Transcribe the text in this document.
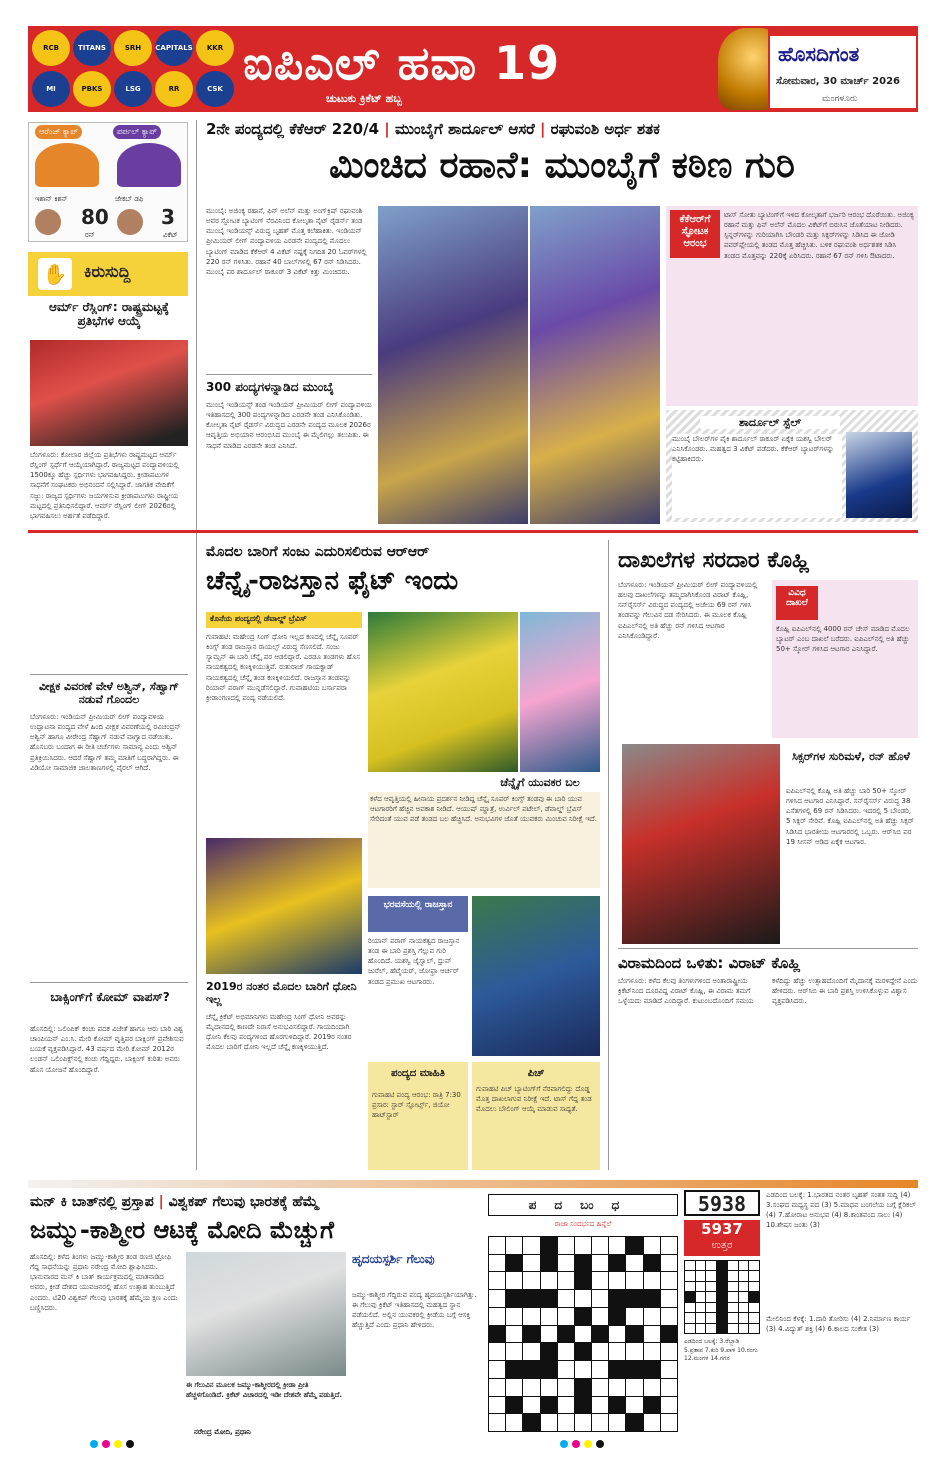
RCB	TITANS	SRH	CAPITALS	KKR
MI	PBKS	LSG	RR	CSK ಐಪಿಎಲ್ ಹವಾ 19
ಚುಟುಕು ಕ್ರಿಕೆಟ್ ಹಬ್ಬ
ಹೊಸದಿಗಂತ
ಸೋಮವಾರ, 30 ಮಾರ್ಚ್ 2026
ಮಂಗಳೂರು
ಆರೆಂಜ್ ಕ್ಯಾಪ್
ಇಶಾನ್ ಕಿಶನ್
80
ರನ್
ಪರ್ಪಲ್ ಕ್ಯಾಪ್
ಜೇಕಬ್ ಡಫಿ
3
ವಿಕೆಟ್
✋ ಕಿರುಸುದ್ದಿ
ಆರ್ಮ್ ರೆಸ್ಲಿಂಗ್: ರಾಷ್ಟ್ರಮಟ್ಟಕ್ಕೆ ಪ್ರತಿಭೆಗಳ ಆಯ್ಕೆ
ಬೆಂಗಳೂರು: ಕೋಲಾರ ಜಿಲ್ಲೆಯ ಪ್ರತಿಭೆಗಳು ರಾಷ್ಟ್ರಮಟ್ಟದ ಆರ್ಮ್ ರೆಸ್ಲಿಂಗ್ ಸ್ಪರ್ಧೆಗೆ ಆಯ್ಕೆಯಾಗಿದ್ದಾರೆ. ರಾಜ್ಯಮಟ್ಟದ ಪಂದ್ಯಾವಳಿಯಲ್ಲಿ 1500ಕ್ಕೂ ಹೆಚ್ಚು ಸ್ಪರ್ಧಿಗಳು ಭಾಗವಹಿಸಿದ್ದರು. ಕ್ರೀಡಾಪಟುಗಳ ಸಾಧನೆಗೆ ಸಂಘಟಕರು ಅಭಿನಂದನೆ ಸಲ್ಲಿಸಿದ್ದಾರೆ. ಜಾಗತಿಕ ವೇದಿಕೆಗೆ ಸಜ್ಜು: ರಾಜ್ಯದ ಸ್ಪರ್ಧಿಗಳು ಜಯಗಳಿಸುವ ಕ್ರೀಡಾಪಟುಗಳು ರಾಷ್ಟ್ರೀಯ ಮಟ್ಟದಲ್ಲಿ ಪ್ರತಿನಿಧಿಸಲಿದ್ದಾರೆ. ಆರ್ಮ್ ರೆಸ್ಲಿಂಗ್ ಲೀಗ್ 2026ರಲ್ಲಿ ಭಾಗವಹಿಸಲು ಅರ್ಹತೆ ಪಡೆದಿದ್ದಾರೆ.
ವೀಕ್ಷಕ ವಿವರಣೆ ವೇಳೆ ಅಶ್ವಿನ್, ಸೆಹ್ವಾಗ್ ನಡುವೆ ಗೊಂದಲ
ಬೆಂಗಳೂರು: ಇಂಡಿಯನ್ ಪ್ರೀಮಿಯರ್ ಲೀಗ್ ಪಂದ್ಯಾವಳಿಯ ಉದ್ಘಾಟನಾ ಪಂದ್ಯದ ವೇಳೆ ಹಿಂದಿ ವೀಕ್ಷಕ ವಿವರಣೆಯಲ್ಲಿ ರವಿಚಂದ್ರನ್ ಅಶ್ವಿನ್ ಹಾಗೂ ವೀರೇಂದ್ರ ಸೆಹ್ವಾಗ್ ನಡುವೆ ವಾಗ್ವಾದ ನಡೆಯಿತು. ಹೊಸಬರು ಬಂದಾಗ ಈ ರೀತಿ ಚರ್ಚೆಗಳು ಸಾಮಾನ್ಯ ಎಂದು ಅಶ್ವಿನ್ ಪ್ರತಿಕ್ರಿಯಿಸಿದರು. ಆದರೆ ಸೆಹ್ವಾಗ್ ತಮ್ಮ ಮಾತಿಗೆ ಬದ್ಧರಾಗಿದ್ದರು. ಈ ವಿಡಿಯೋ ಸಾಮಾಜಿಕ ಜಾಲತಾಣಗಳಲ್ಲಿ ವೈರಲ್ ಆಗಿದೆ.
ಬಾಕ್ಸಿಂಗ್‌ಗೆ ಕೋಮ್ ವಾಪಸ್?
ಹೊಸದಿಲ್ಲಿ: ಒಲಿಂಪಿಕ್ ಕಂಚು ಪದಕ ವಿಜೇತೆ ಹಾಗೂ ಆರು ಬಾರಿ ವಿಶ್ವ ಚಾಂಪಿಯನ್ ಎಂ.ಸಿ. ಮೇರಿ ಕೋಮ್ ವೃತ್ತಿಪರ ಬಾಕ್ಸಿಂಗ್ ಪ್ರವೇಶಿಸುವ ಬಯಕೆ ವ್ಯಕ್ತಪಡಿಸಿದ್ದಾರೆ. 43 ವರ್ಷದ ಮೇರಿ ಕೋಮ್ 2012ರ ಲಂಡನ್ ಒಲಿಂಪಿಕ್ಸ್‌ನಲ್ಲಿ ಕಂಚು ಗೆದ್ದಿದ್ದರು. ಬಾಕ್ಸಿಂಗ್ ಕುರಿತು ಅವರು ಹೊಸ ಯೋಜನೆ ಹೊಂದಿದ್ದಾರೆ.
2ನೇ ಪಂದ್ಯದಲ್ಲಿ ಕೆಕೆಆರ್ 220/4 | ಮುಂಬೈಗೆ ಶಾರ್ದೂಲ್ ಆಸರೆ | ರಘುವಂಶಿ ಅರ್ಧ ಶತಕ
ಮಿಂಚಿದ ರಹಾನೆ: ಮುಂಬೈಗೆ ಕಠಿಣ ಗುರಿ
ಮುಂಬೈ: ಅಜಿಂಕ್ಯ ರಹಾನೆ, ಫಿನ್ ಅಲೆನ್ ಮತ್ತು ಅಂಗ್‌ಕ್ರಿಷ್ ರಘುವಂಶಿ ಅವರ ಸ್ಫೋಟಕ ಬ್ಯಾಟಿಂಗ್ ನೆರವಿನಿಂದ ಕೋಲ್ಕತಾ ನೈಟ್ ರೈಡರ್ಸ್ ತಂಡ ಮುಂಬೈ ಇಂಡಿಯನ್ಸ್ ವಿರುದ್ಧ ಬೃಹತ್ ಮೊತ್ತ ಕಲೆಹಾಕಿತು. ಇಂಡಿಯನ್ ಪ್ರೀಮಿಯರ್ ಲೀಗ್ ಪಂದ್ಯಾವಳಿಯ ಎರಡನೇ ಪಂದ್ಯದಲ್ಲಿ ಮೊದಲು ಬ್ಯಾಟಿಂಗ್ ಮಾಡಿದ ಕೆಕೆಆರ್ 4 ವಿಕೆಟ್ ನಷ್ಟಕ್ಕೆ ನಿಗದಿತ 20 ಓವರ್‌ಗಳಲ್ಲಿ 220 ರನ್ ಗಳಿಸಿತು. ರಹಾನೆ 40 ಬಾಲ್‌ಗಳಲ್ಲಿ 67 ರನ್ ಸಿಡಿಸಿದರು. ಮುಂಬೈ ಪರ ಶಾರ್ದೂಲ್ ಠಾಕೂರ್ 3 ವಿಕೆಟ್ ಕಿತ್ತು ಮಿಂಚಿದರು.
300 ಪಂದ್ಯಗಳನ್ನಾಡಿದ ಮುಂಬೈ
ಮುಂಬೈ ಇಂಡಿಯನ್ಸ್ ತಂಡ ಇಂಡಿಯನ್ ಪ್ರೀಮಿಯರ್ ಲೀಗ್ ಪಂದ್ಯಾವಳಿಯ ಇತಿಹಾಸದಲ್ಲಿ 300 ಪಂದ್ಯಗಳನ್ನಾಡಿದ ಎರಡನೇ ತಂಡ ಎನಿಸಿಕೊಂಡಿತು. ಕೋಲ್ಕತಾ ನೈಟ್ ರೈಡರ್ಸ್ ವಿರುದ್ಧದ ಎರಡನೇ ಪಂದ್ಯದ ಮೂಲಕ 2026ರ ಆವೃತ್ತಿಯ ಅಭಿಯಾನ ಆರಂಭಿಸಿದ ಮುಂಬೈ ಈ ಮೈಲಿಗಲ್ಲು ತಲುಪಿತು. ಈ ಸಾಧನೆ ಮಾಡಿದ ಎರಡನೇ ತಂಡ ಎನಿಸಿದೆ.
ಕೆಕೆಆರ್‌ಗೆ ಸ್ಫೋಟಕ ಆರಂಭ
ಟಾಸ್ ಸೋತು ಬ್ಯಾಟಿಂಗ್‌ಗೆ ಇಳಿದ ಕೋಲ್ಕತಾಗೆ ಭರ್ಜರಿ ಆರಂಭ ದೊರೆಯಿತು. ಅಜಿಂಕ್ಯ ರಹಾನೆ ಮತ್ತು ಫಿನ್ ಅಲೆನ್ ಮೊದಲ ವಿಕೆಟ್‌ಗೆ ಬಿರುಸಿನ ಜೊತೆಯಾಟ ನೀಡಿದರು. ಸ್ಪಿನ್ನರ್‌ಗಳನ್ನು ಗುರಿಯಾಗಿಸಿ ಬೌಂಡರಿ ಮತ್ತು ಸಿಕ್ಸರ್‌ಗಳನ್ನು ಸಿಡಿಸಿದ ಈ ಜೋಡಿ ಪವರ್‌ಪ್ಲೇಯಲ್ಲಿ ತಂಡದ ಮೊತ್ತ ಹೆಚ್ಚಿಸಿತು. ಬಳಿಕ ರಘುವಂಶಿ ಅರ್ಧಶತಕ ಸಿಡಿಸಿ ತಂಡದ ಮೊತ್ತವನ್ನು 220ಕ್ಕೆ ಏರಿಸಿದರು. ರಹಾನೆ 67 ರನ್ ಗಳಿಸಿ ಔಟಾದರು.
ಶಾರ್ದೂಲ್ ಸ್ಪೆಲ್
ಮುಂಬೈ ಬೌಲರ್‌ಗಳ ಪೈಕಿ ಶಾರ್ದೂಲ್ ಠಾಕೂರ್ ಏಕೈಕ ಯಶಸ್ವಿ ಬೌಲರ್ ಎನಿಸಿಕೊಂಡರು. ಮಹತ್ವದ 3 ವಿಕೆಟ್ ಪಡೆದರು. ಕೆಕೆಆರ್ ಬ್ಯಾಟರ್‌ಗಳನ್ನು ಕಟ್ಟಿಹಾಕಿದರು.
ಮೊದಲ ಬಾರಿಗೆ ಸಂಜು ಎದುರಿಸಲಿರುವ ಆರ್‌ಆರ್
ಚೆನ್ನೈ-ರಾಜಸ್ತಾನ ಫೈಟ್ ಇಂದು
ಕೊನೆಯ ಪಂದ್ಯದಲ್ಲಿ ಡೆವಾಲ್ಡ್ ಬ್ರೆವಿಸ್
ಗುವಾಹಟಿ: ಮಹೇಂದ್ರ ಸಿಂಗ್ ಧೋನಿ ಇಲ್ಲದ ಕಣದಲ್ಲಿ ಚೆನ್ನೈ ಸೂಪರ್ ಕಿಂಗ್ಸ್ ತಂಡ ರಾಜಸ್ತಾನ ರಾಯಲ್ಸ್ ವಿರುದ್ಧ ಸೆಣಸಲಿದೆ. ಸಂಜು ಸ್ಯಾಮ್ಸನ್ ಈ ಬಾರಿ ಚೆನ್ನೈ ಪರ ಆಡಲಿದ್ದಾರೆ. ಎರಡೂ ತಂಡಗಳು ಹೊಸ ನಾಯಕತ್ವದಲ್ಲಿ ಕಣಕ್ಕಿಳಿಯುತ್ತಿವೆ. ರುತುರಾಜ್ ಗಾಯಕ್ವಾಡ್ ನಾಯಕತ್ವದಲ್ಲಿ ಚೆನ್ನೈ ತಂಡ ಕಣಕ್ಕಿಳಿಯಲಿದೆ. ರಾಜಸ್ತಾನ ತಂಡವನ್ನು ರಿಯಾನ್ ಪರಾಗ್ ಮುನ್ನಡೆಸಲಿದ್ದಾರೆ. ಗುವಾಹಟಿಯ ಬರ್ಸಾಪರಾ ಕ್ರೀಡಾಂಗಣದಲ್ಲಿ ಪಂದ್ಯ ನಡೆಯಲಿದೆ.
2019ರ ನಂತರ ಮೊದಲ ಬಾರಿಗೆ ಧೋನಿ ಇಲ್ಲ
ಚೆನ್ನೈ ಕ್ರಿಕೆಟ್ ಅಭಿಮಾನಿಗಳು ಮಹೇಂದ್ರ ಸಿಂಗ್ ಧೋನಿ ಅವರನ್ನು ಮೈದಾನದಲ್ಲಿ ಕಾಣದೇ ನಿರಾಸೆ ಅನುಭವಿಸಲಿದ್ದಾರೆ. ಗಾಯದಿಂದಾಗಿ ಧೋನಿ ಕೆಲವು ಪಂದ್ಯಗಳಿಂದ ಹೊರಗುಳಿದಿದ್ದಾರೆ. 2019ರ ನಂತರ ಮೊದಲ ಬಾರಿಗೆ ಧೋನಿ ಇಲ್ಲದೆ ಚೆನ್ನೈ ಕಣಕ್ಕಿಳಿಯುತ್ತಿದೆ.
ಚೆನ್ನೈಗೆ ಯುವಕರ ಬಲ
ಕಳೆದ ಆವೃತ್ತಿಯಲ್ಲಿ ಹೀನಾಯ ಪ್ರದರ್ಶನ ನೀಡಿದ್ದ ಚೆನ್ನೈ ಸೂಪರ್ ಕಿಂಗ್ಸ್ ತಂಡವು ಈ ಬಾರಿ ಯುವ ಆಟಗಾರರಿಗೆ ಹೆಚ್ಚಿನ ಅವಕಾಶ ನೀಡಿದೆ. ಆಯುಷ್ ಮ್ಹಾತ್ರೆ, ಉರ್ವಿಲ್ ಪಟೇಲ್, ಡೆವಾಲ್ಡ್ ಬ್ರೆವಿಸ್ ಸೇರಿದಂತೆ ಯುವ ಪಡೆ ತಂಡದ ಬಲ ಹೆಚ್ಚಿಸಿದೆ. ಅನುಭವಿಗಳ ಜೊತೆ ಯುವಕರು ಮಿಂಚುವ ನಿರೀಕ್ಷೆ ಇದೆ.
ಭರವಸೆಯಲ್ಲಿ ರಾಜಸ್ತಾನ
ರಿಯಾನ್ ಪರಾಗ್ ನಾಯಕತ್ವದ ರಾಜಸ್ತಾನ ತಂಡ ಈ ಬಾರಿ ಪ್ರಶಸ್ತಿ ಗೆಲ್ಲುವ ಗುರಿ ಹೊಂದಿದೆ. ಯಶಸ್ವಿ ಜೈಸ್ವಾಲ್, ಧ್ರುವ್ ಜುರೆಲ್, ಹೆಟ್ಮೆಯರ್, ಜೋಫ್ರಾ ಆರ್ಚರ್ ತಂಡದ ಪ್ರಮುಖ ಆಟಗಾರರು.
ಪಂದ್ಯದ ಮಾಹಿತಿ
ಗುವಾಹಟಿ ಪಂದ್ಯ ಆರಂಭ: ರಾತ್ರಿ 7:30 ಪ್ರಸಾರ: ಸ್ಟಾರ್ ಸ್ಪೋರ್ಟ್ಸ್, ಜಿಯೋ ಹಾಟ್‌ಸ್ಟಾರ್
ಪಿಚ್
ಗುವಾಹಟಿ ಪಿಚ್ ಬ್ಯಾಟಿಂಗ್‌ಗೆ ನೆರವಾಗಲಿದ್ದು ದೊಡ್ಡ ಮೊತ್ತ ದಾಖಲಾಗುವ ನಿರೀಕ್ಷೆ ಇದೆ. ಟಾಸ್ ಗೆದ್ದ ತಂಡ ಮೊದಲು ಬೌಲಿಂಗ್ ಆಯ್ಕೆ ಮಾಡುವ ಸಾಧ್ಯತೆ.
ದಾಖಲೆಗಳ ಸರದಾರ ಕೊಹ್ಲಿ
ಬೆಂಗಳೂರು: ಇಂಡಿಯನ್ ಪ್ರೀಮಿಯರ್ ಲೀಗ್ ಪಂದ್ಯಾವಳಿಯಲ್ಲಿ ಹಲವು ದಾಖಲೆಗಳನ್ನು ತಮ್ಮದಾಗಿಸಿಕೊಂಡ ವಿರಾಟ್ ಕೊಹ್ಲಿ, ಸನ್‌ರೈಸರ್ಸ್ ವಿರುದ್ಧದ ಪಂದ್ಯದಲ್ಲಿ ಅಜೇಯ 69 ರನ್ ಗಳಿಸಿ ತಂಡವನ್ನು ಗೆಲುವಿನ ದಡ ಸೇರಿಸಿದರು. ಈ ಮೂಲಕ ಕೊಹ್ಲಿ ಐಪಿಎಲ್‌ನಲ್ಲಿ ಅತಿ ಹೆಚ್ಚು ರನ್ ಗಳಿಸಿದ ಆಟಗಾರ ಎನಿಸಿಕೊಂಡಿದ್ದಾರೆ.
ವಿವಿಧ ದಾಖಲೆ
ಕೊಹ್ಲಿ ಐಪಿಎಲ್‌ನಲ್ಲಿ 4000 ರನ್ ಚೇಸ್ ಮಾಡಿದ ಮೊದಲ ಬ್ಯಾಟರ್ ಎಂಬ ದಾಖಲೆ ಬರೆದರು. ಐಪಿಎಲ್‌ನಲ್ಲಿ ಅತಿ ಹೆಚ್ಚು 50+ ಸ್ಕೋರ್ ಗಳಿಸಿದ ಆಟಗಾರ ಎನಿಸಿದ್ದಾರೆ.
ಸಿಕ್ಸರ್‌ಗಳ ಸುರಿಮಳೆ, ರನ್ ಹೊಳೆ
ಐಪಿಎಲ್‌ನಲ್ಲಿ ಕೊಹ್ಲಿ ಅತಿ ಹೆಚ್ಚು ಬಾರಿ 50+ ಸ್ಕೋರ್ ಗಳಿಸಿದ ಆಟಗಾರ ಎನಿಸಿದ್ದಾರೆ. ಸನ್‌ರೈಸರ್ಸ್ ವಿರುದ್ಧ 38 ಎಸೆತಗಳಲ್ಲಿ 69 ರನ್ ಸಿಡಿಸಿದರು. ಇದರಲ್ಲಿ 5 ಬೌಂಡರಿ, 5 ಸಿಕ್ಸರ್ ಸೇರಿವೆ. ಕೊಹ್ಲಿ ಐಪಿಎಲ್‌ನಲ್ಲಿ ಅತಿ ಹೆಚ್ಚು ಸಿಕ್ಸರ್ ಸಿಡಿಸಿದ ಭಾರತೀಯ ಆಟಗಾರರಲ್ಲಿ ಒಬ್ಬರು. ಆರ್‌ಸಿಬಿ ಪರ 19 ಸೀಸನ್ ಆಡಿದ ಏಕೈಕ ಆಟಗಾರ.
ವಿರಾಮದಿಂದ ಒಳಿತು: ವಿರಾಟ್ ಕೊಹ್ಲಿ
ಬೆಂಗಳೂರು: ಕಳೆದ ಕೆಲವು ತಿಂಗಳುಗಳಿಂದ ಅಂತಾರಾಷ್ಟ್ರೀಯ ಕ್ರಿಕೆಟ್‌ನಿಂದ ದೂರವಿದ್ದ ವಿರಾಟ್ ಕೊಹ್ಲಿ, ಈ ವಿರಾಮ ತಮಗೆ ಒಳ್ಳೆಯದು ಮಾಡಿದೆ ಎಂದಿದ್ದಾರೆ. ಕುಟುಂಬದೊಂದಿಗೆ ಸಮಯ ಕಳೆದಿದ್ದು ಹೆಚ್ಚು ಉತ್ಸಾಹದೊಂದಿಗೆ ಮೈದಾನಕ್ಕೆ ಮರಳಿದ್ದೇನೆ ಎಂದು ಹೇಳಿದರು. ಆರ್‌ಸಿಬಿ ಈ ಬಾರಿ ಪ್ರಶಸ್ತಿ ಉಳಿಸಿಕೊಳ್ಳುವ ವಿಶ್ವಾಸ ವ್ಯಕ್ತಪಡಿಸಿದರು.
ಮನ್ ಕಿ ಬಾತ್‌ನಲ್ಲಿ ಪ್ರಸ್ತಾಪ | ವಿಶ್ವಕಪ್ ಗೆಲುವು ಭಾರತಕ್ಕೆ ಹೆಮ್ಮೆ
ಜಮ್ಮು-ಕಾಶ್ಮೀರ ಆಟಕ್ಕೆ ಮೋದಿ ಮೆಚ್ಚುಗೆ
ಹೊಸದಿಲ್ಲಿ: ಕಳೆದ ತಿಂಗಳು ಜಮ್ಮು-ಕಾಶ್ಮೀರ ತಂಡ ರಣಜಿ ಟ್ರೋಫಿ ಗೆದ್ದ ಸಾಧನೆಯನ್ನು ಪ್ರಧಾನಿ ನರೇಂದ್ರ ಮೋದಿ ಶ್ಲಾಘಿಸಿದರು. ಭಾನುವಾರದ ಮನ್ ಕಿ ಬಾತ್ ಕಾರ್ಯಕ್ರಮದಲ್ಲಿ ಮಾತನಾಡಿದ ಅವರು, ಕ್ರೀಡೆ ದೇಶದ ಯುವಜನರಲ್ಲಿ ಹೊಸ ಉತ್ಸಾಹ ತುಂಬುತ್ತಿದೆ ಎಂದರು. ಟಿ20 ವಿಶ್ವಕಪ್ ಗೆಲುವು ಭಾರತಕ್ಕೆ ಹೆಮ್ಮೆಯ ಕ್ಷಣ ಎಂದು ಬಣ್ಣಿಸಿದರು.
ಈ ಗೆಲುವಿನ ಮೂಲಕ ಜಮ್ಮು-ಕಾಶ್ಮೀರದಲ್ಲಿ ಕ್ರೀಡಾ ಪ್ರೀತಿ ಹೆಚ್ಚಳಗೊಂಡಿದೆ. ಕ್ರಿಕೆಟ್ ವಿಚಾರದಲ್ಲಿ ಇಡೀ ದೇಶವೇ ಹೆಮ್ಮೆ ಪಡುತ್ತಿದೆ.
ನರೇಂದ್ರ ಮೋದಿ, ಪ್ರಧಾನಿ
ಹೃದಯಸ್ಪರ್ಶಿ ಗೆಲುವು
ಜಮ್ಮು-ಕಾಶ್ಮೀರ ಗೆದ್ದಿರುವ ಪಂದ್ಯ ಹೃದಯಸ್ಪರ್ಶಿಯಾಗಿತ್ತು. ಈ ಗೆಲುವು ಕ್ರಿಕೆಟ್ ಇತಿಹಾಸದಲ್ಲಿ ಮಹತ್ವದ ಸ್ಥಾನ ಪಡೆಯಲಿದೆ. ಅಲ್ಲಿನ ಯುವಕರಲ್ಲಿ ಕ್ರೀಡೆಯ ಬಗ್ಗೆ ಆಸಕ್ತಿ ಹೆಚ್ಚುತ್ತಿದೆ ಎಂದು ಪ್ರಧಾನಿ ಹೇಳಿದರು.
ಪದಬಂಧ
ರಾಜಾ ಸಂದರ್ಭದ ಹಿನ್ನೆಲೆ
5938
5937
ಉತ್ತರ
ಎಡದಿಂದ ಬಲಕ್ಕೆ: 3.ರೆಬ್ಬಾಡಿ 5.ಪ್ರತಾಪ 7.ಕುರಿ 9.ಪಾಳಿ 10.ರಂಗು 12.ಮಂಗಳ 14.ಗಗನ
ಎಡದಿಂದ ಬಲಕ್ಕೆ: 1.ಭಾರತದ ನಂತರ ಬೃಹತ್ ಸಂತತ ಸುದ್ದಿ (4) 3.ಸಂಘದ ಮಧ್ಯಸ್ಥ ಪದ (3) 5.ಮಾಧವ ಬಂಗಲೆಯ ಬಗ್ಗೆ ಕ್ಲೆರಿಕಲ್ (4) 7.ಹೋರಾಟ ಅನುಭವ (4) 8.ಕಾಂತವಂದ ಸಾಲು (4) 10.ಶೇಷಸ ಜಂತು (3)
ಮೇಲಿನಿಂದ ಕೆಳಕ್ಕೆ: 1.ದಾರಿ ತೋರಿಸು (4) 2.ನಿರ್ಮಾಣ ಕಾರ್ಯ (3) 4.ವಿದ್ಯುತ್ ಶಕ್ತಿ (4) 6.ಕಾಲದ ಸಂಕೇತ (3)
